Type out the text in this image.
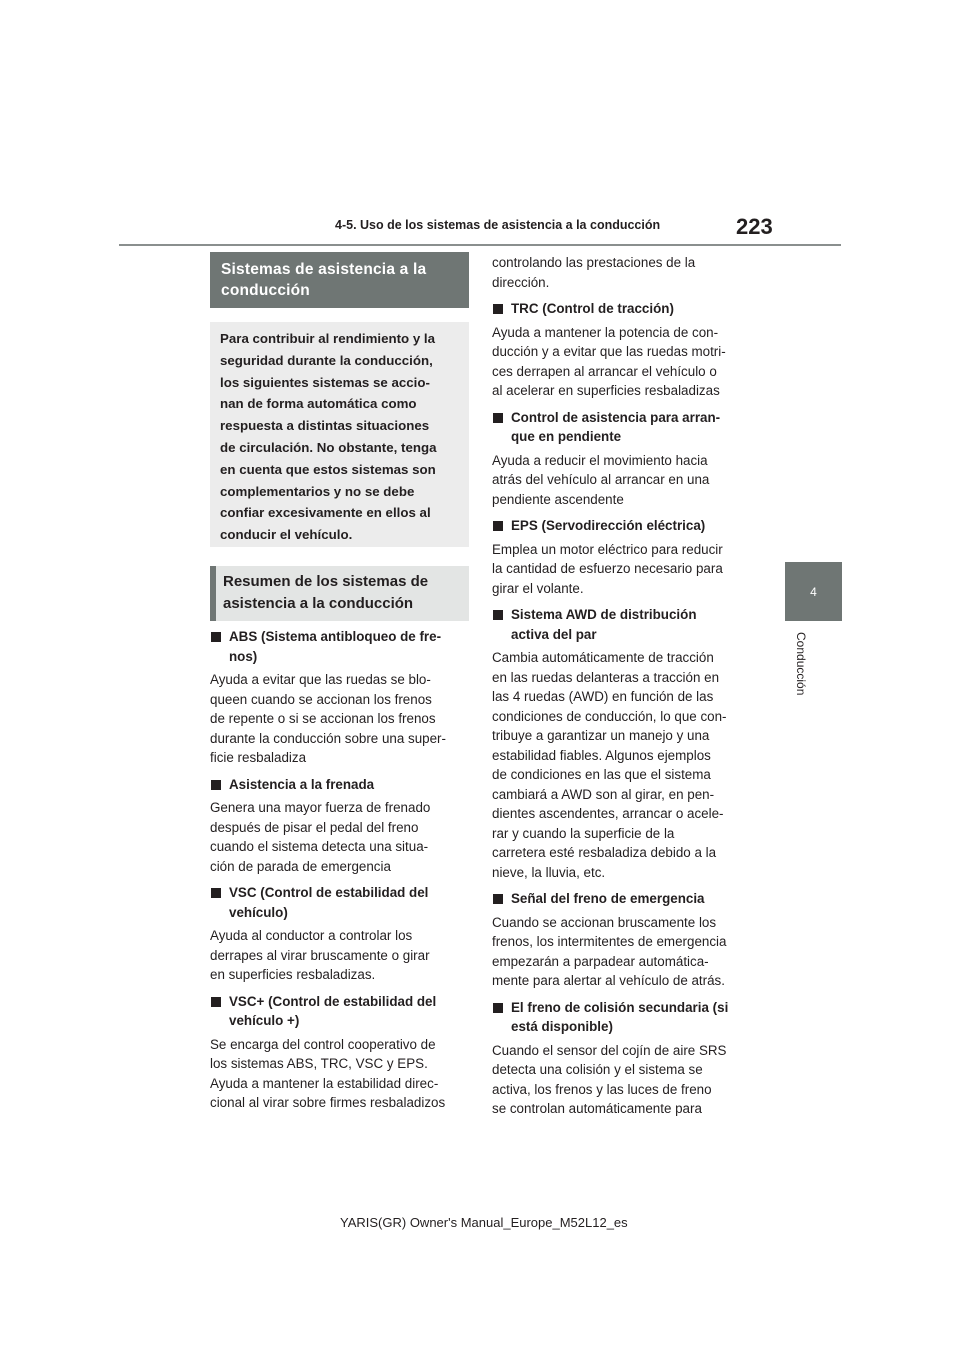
4-5. Uso de los sistemas de asistencia a la conducción	223
4
Conducción
Sistemas de asistencia a la
conducción
Para contribuir al rendimiento y la
seguridad durante la conducción,
los siguientes sistemas se accio-
nan de forma automática como
respuesta a distintas situaciones
de circulación. No obstante, tenga
en cuenta que estos sistemas son
complementarios y no se debe
confiar excesivamente en ellos al
conducir el vehículo.
Resumen de los sistemas de
asistencia a la conducción
ABS (Sistema antibloqueo de fre-
nos)
Ayuda a evitar que las ruedas se blo-
queen cuando se accionan los frenos
de repente o si se accionan los frenos
durante la conducción sobre una super-
ficie resbaladiza
Asistencia a la frenada
Genera una mayor fuerza de frenado
después de pisar el pedal del freno
cuando el sistema detecta una situa-
ción de parada de emergencia
VSC (Control de estabilidad del
vehículo)
Ayuda al conductor a controlar los
derrapes al virar bruscamente o girar
en superficies resbaladizas.
VSC+ (Control de estabilidad del
vehículo +)
Se encarga del control cooperativo de
los sistemas ABS, TRC, VSC y EPS.
Ayuda a mantener la estabilidad direc-
cional al virar sobre firmes resbaladizos
controlando las prestaciones de la
dirección.
TRC (Control de tracción)
Ayuda a mantener la potencia de con-
ducción y a evitar que las ruedas motri-
ces derrapen al arrancar el vehículo o
al acelerar en superficies resbaladizas
Control de asistencia para arran-
que en pendiente
Ayuda a reducir el movimiento hacia
atrás del vehículo al arrancar en una
pendiente ascendente
EPS (Servodirección eléctrica)
Emplea un motor eléctrico para reducir
la cantidad de esfuerzo necesario para
girar el volante.
Sistema AWD de distribución
activa del par
Cambia automáticamente de tracción
en las ruedas delanteras a tracción en
las 4 ruedas (AWD) en función de las
condiciones de conducción, lo que con-
tribuye a garantizar un manejo y una
estabilidad fiables. Algunos ejemplos
de condiciones en las que el sistema
cambiará a AWD son al girar, en pen-
dientes ascendentes, arrancar o acele-
rar y cuando la superficie de la
carretera esté resbaladiza debido a la
nieve, la lluvia, etc.
Señal del freno de emergencia
Cuando se accionan bruscamente los
frenos, los intermitentes de emergencia
empezarán a parpadear automática-
mente para alertar al vehículo de atrás.
El freno de colisión secundaria (si
está disponible)
Cuando el sensor del cojín de aire SRS
detecta una colisión y el sistema se
activa, los frenos y las luces de freno
se controlan automáticamente para
YARIS(GR) Owner's Manual_Europe_M52L12_es
